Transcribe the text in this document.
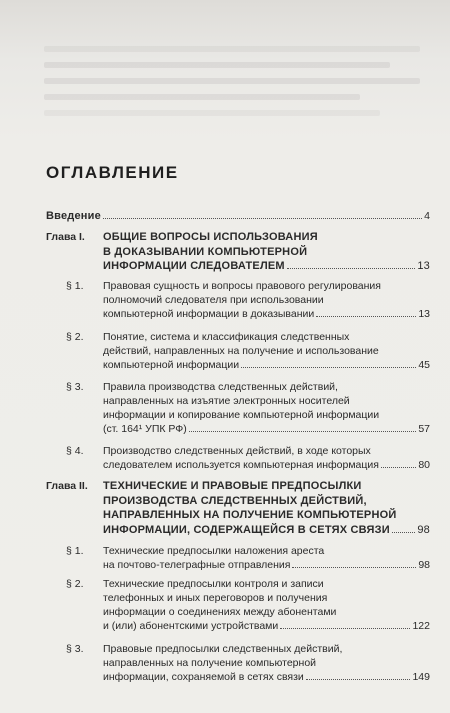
ОГЛАВЛЕНИЕ
Введение	4
Глава I. ОБЩИЕ ВОПРОСЫ ИСПОЛЬЗОВАНИЯ
В ДОКАЗЫВАНИИ КОМПЬЮТЕРНОЙ
ИНФОРМАЦИИ СЛЕДОВАТЕЛЕМ	13
§ 1. Правовая сущность и вопросы правового регулирования
полномочий следователя при использовании
компьютерной информации в доказывании	13
§ 2. Понятие, система и классификация следственных
действий, направленных на получение и использование
компьютерной информации	45
§ 3. Правила производства следственных действий,
направленных на изъятие электронных носителей
информации и копирование компьютерной информации
(ст. 164¹ УПК РФ)	57
§ 4. Производство следственных действий, в ходе которых
следователем используется компьютерная информация	80
Глава II. ТЕХНИЧЕСКИЕ И ПРАВОВЫЕ ПРЕДПОСЫЛКИ
ПРОИЗВОДСТВА СЛЕДСТВЕННЫХ ДЕЙСТВИЙ,
НАПРАВЛЕННЫХ НА ПОЛУЧЕНИЕ КОМПЬЮТЕРНОЙ
ИНФОРМАЦИИ, СОДЕРЖАЩЕЙСЯ В СЕТЯХ СВЯЗИ	98
§ 1. Технические предпосылки наложения ареста
на почтово-телеграфные отправления	98
§ 2. Технические предпосылки контроля и записи
телефонных и иных переговоров и получения
информации о соединениях между абонентами
и (или) абонентскими устройствами	122
§ 3. Правовые предпосылки следственных действий,
направленных на получение компьютерной
информации, сохраняемой в сетях связи	149
